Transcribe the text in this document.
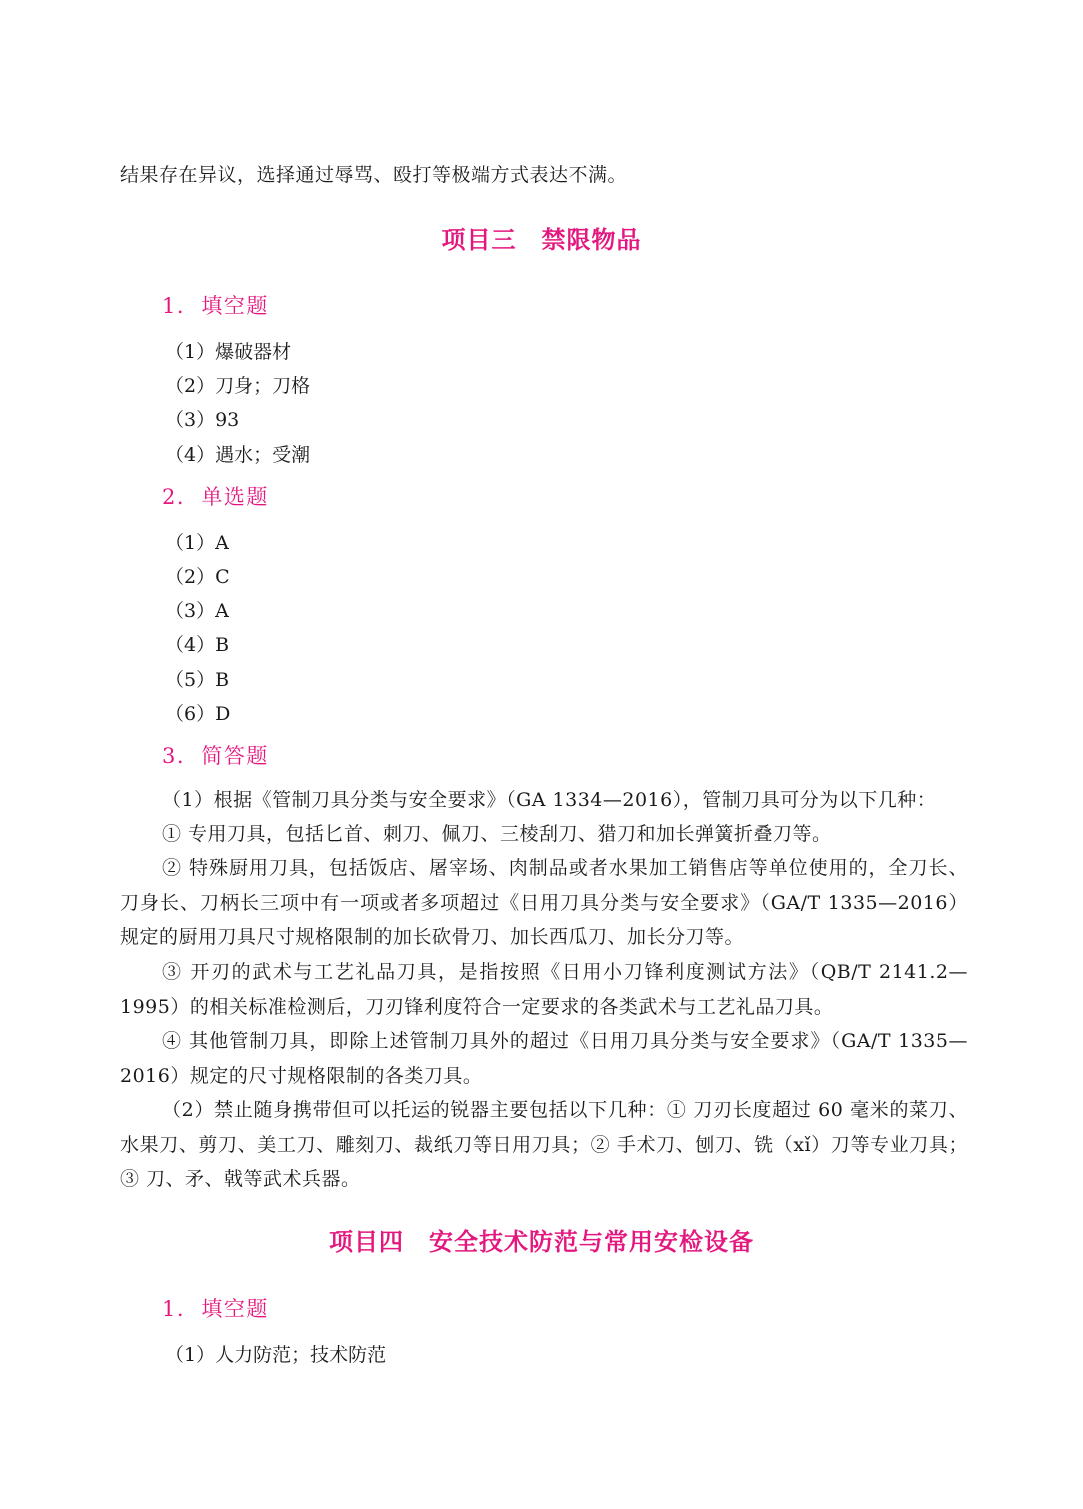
结果存在异议，选择通过辱骂、殴打等极端方式表达不满。
项目三　禁限物品
1.  填空题
（1）爆破器材
（2）刀身；刀格
（3）93
（4）遇水；受潮
2.  单选题
（1）A
（2）C
（3）A
（4）B
（5）B
（6）D
3.  简答题
（1）根据《管制刀具分类与安全要求》（GA 1334—2016），管制刀具可分为以下几种：
① 专用刀具，包括匕首、刺刀、佩刀、三棱刮刀、猎刀和加长弹簧折叠刀等。
② 特殊厨用刀具，包括饭店、屠宰场、肉制品或者水果加工销售店等单位使用的，全刀长、刀身长、刀柄长三项中有一项或者多项超过《日用刀具分类与安全要求》（GA/T 1335—2016）规定的厨用刀具尺寸规格限制的加长砍骨刀、加长西瓜刀、加长分刀等。
③ 开刃的武术与工艺礼品刀具，是指按照《日用小刀锋利度测试方法》（QB/T 2141.2—1995）的相关标准检测后，刀刃锋利度符合一定要求的各类武术与工艺礼品刀具。
④ 其他管制刀具，即除上述管制刀具外的超过《日用刀具分类与安全要求》（GA/T 1335—2016）规定的尺寸规格限制的各类刀具。
（2）禁止随身携带但可以托运的锐器主要包括以下几种：① 刀刃长度超过 60 毫米的菜刀、水果刀、剪刀、美工刀、雕刻刀、裁纸刀等日用刀具；② 手术刀、刨刀、铣（xǐ）刀等专业刀具；③ 刀、矛、戟等武术兵器。
项目四　安全技术防范与常用安检设备
1.  填空题
（1）人力防范；技术防范
